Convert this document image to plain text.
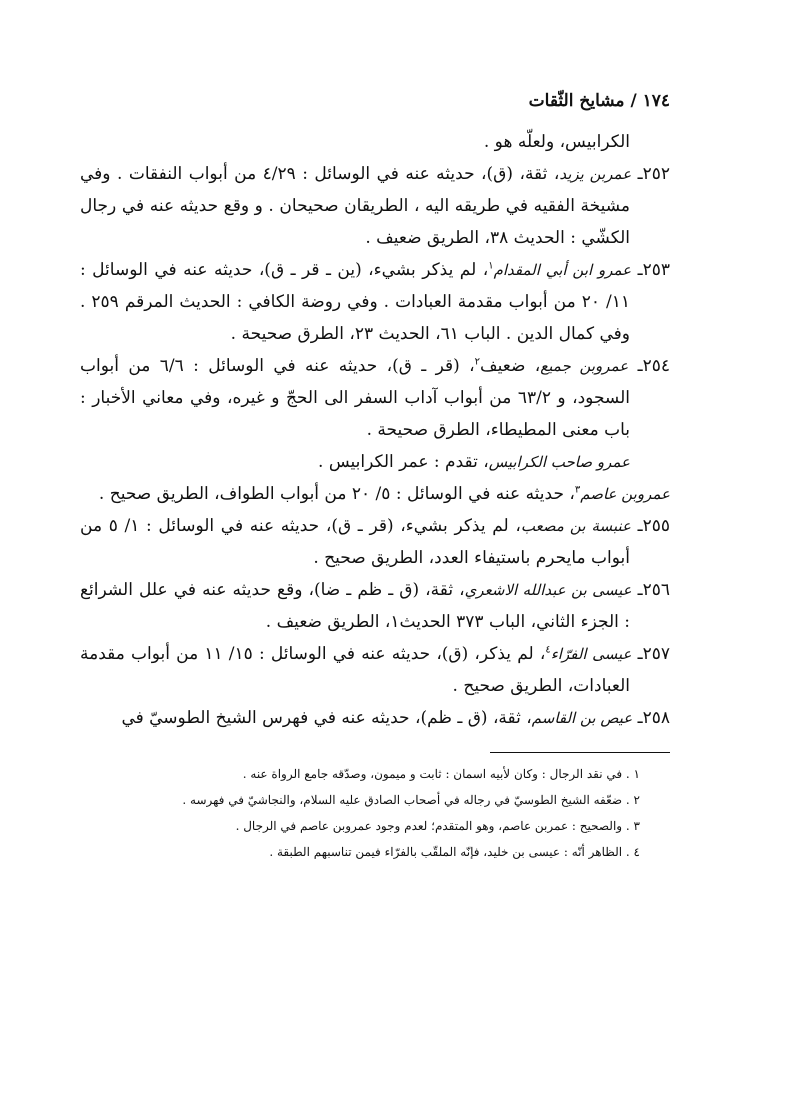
١٧٤ / مشايخ الثّقات

الكرابيس، ولعلّه هو .

٢٥٢ـ عمربن يزيد، ثقة، (ق)، حديثه عنه في الوسائل : ٤/٢٩ من أبواب النفقات . وفي مشيخة الفقيه في طريقه اليه ، الطريقان صحيحان . و وقع حديثه عنه في رجال الكشّي : الحديث ٣٨، الطريق ضعيف .

٢٥٣ـ عمرو ابن أبي المقدام$^١$، لم يذكر بشيء، (ين ـ قر ـ ق)، حديثه عنه في الوسائل : ١١/ ٢٠ من أبواب مقدمة العبادات . وفي روضة الكافي : الحديث المرقم ٢٥٩ . وفي كمال الدين . الباب ٦١، الحديث ٢٣، الطرق صحيحة .

٢٥٤ـ عمروبن جميع، ضعيف$^٢$، (قر ـ ق)، حديثه عنه في الوسائل : ٦/٦ من أبواب السجود، و ٦٣/٢ من أبواب آداب السفر الى الحجّ و غيره، وفي معاني الأخبار : باب معنى المطيطاء، الطرق صحيحة .

عمرو صاحب الكرابيس، تقدم : عمر الكرابيس .

عمروبن عاصم$^٣$، حديثه عنه في الوسائل : ٥/ ٢٠ من أبواب الطواف، الطريق صحيح .

٢٥٥ـ عنبسة بن مصعب، لم يذكر بشيء، (قر ـ ق)، حديثه عنه في الوسائل : ١/ ٥ من أبواب مايحرم باستيفاء العدد، الطريق صحيح .

٢٥٦ـ عيسى بن عبدالله الاشعري، ثقة، (ق ـ ظم ـ ضا)، وقع حديثه عنه في علل الشرائع : الجزء الثاني، الباب ٣٧٣ الحديث١، الطريق ضعيف .

٢٥٧ـ عيسى الفرّاء$^٤$، لم يذكر، (ق)، حديثه عنه في الوسائل : ١٥/ ١١ من أبواب مقدمة العبادات، الطريق صحيح .

٢٥٨ـ عيص بن القاسم، ثقة، (ق ـ ظم)، حديثه عنه في فهرس الشيخ الطوسيّ في

١ . في نقد الرجال : وكان لأبيه اسمان : ثابت و ميمون، وصدّقه جامع الرواة عنه .

٢ . ضعّفه الشيخ الطوسيّ في رجاله في أصحاب الصادق عليه السلام، والنجاشيّ في فهرسه .

٣ . والصحيح : عمربن عاصم، وهو المتقدم؛ لعدم وجود عمروبن عاصم في الرجال .

٤ . الظاهر أنّه : عيسى بن خليد، فإنّه الملقّب بالفرّاء فيمن تناسبهم الطبقة .
